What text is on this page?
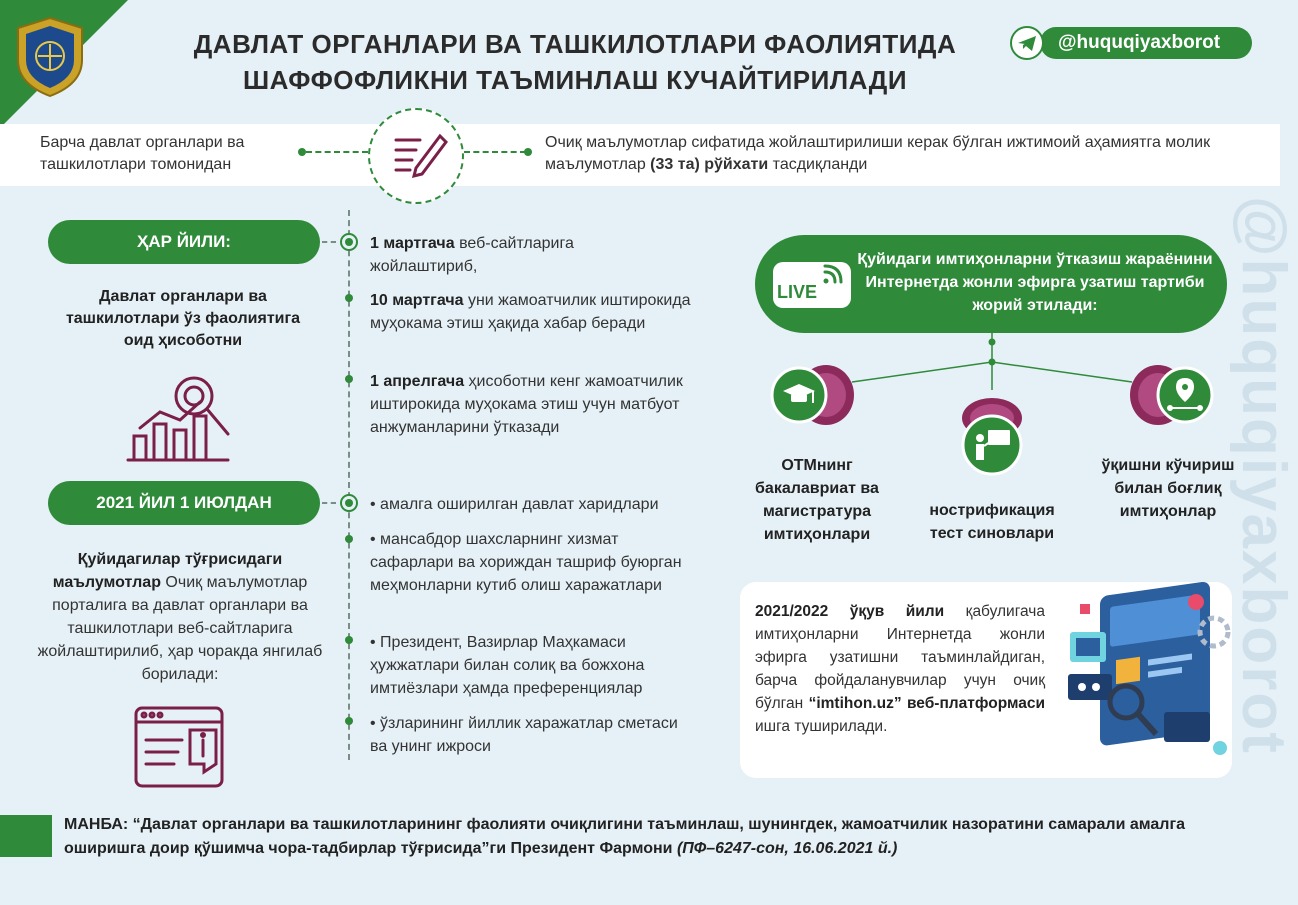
ДАВЛАТ ОРГАНЛАРИ ВА ТАШКИЛОТЛАРИ ФАОЛИЯТИДА
ШАФФОФЛИКНИ ТАЪМИНЛАШ КУЧАЙТИРИЛАДИ
@huquqiyaxborot
Барча давлат органлари ва ташкилотлари томонидан
Очиқ маълумотлар сифатида жойлаштирилиши керак бўлган ижтимоий аҳамиятга молик маълумотлар (33 та) рўйхати тасдиқланди
ҲАР ЙИЛИ:
Давлат органлари ва ташкилотлари ўз фаолиятига оид ҳисоботни
2021 ЙИЛ 1 ИЮЛДАН
Қуйидагилар тўғрисидаги маълумотлар Очиқ маълумотлар порталига ва давлат органлари ва ташкилотлари веб-сайтларига жойлаштирилиб, ҳар чоракда янгилаб борилади:
1 мартгача веб-сайтларига жойлаштириб,
10 мартгача уни жамоатчилик иштирокида муҳокама этиш ҳақида хабар беради
1 апрелгача ҳисоботни кенг жамоатчилик иштирокида муҳокама этиш учун матбуот анжуманларини ўтказади
• амалга оширилган давлат харидлари
• мансабдор шахсларнинг хизмат сафарлари ва хориждан ташриф буюрган меҳмонларни кутиб олиш харажатлари
• Президент, Вазирлар Маҳкамаси ҳужжатлари билан солиқ ва божхона имтиёзлари ҳамда преференциялар
• ўзларининг йиллик харажатлар сметаси ва унинг ижроси
LIVE
Қуйидаги имтиҳонларни ўтказиш жараёнини Интернетда жонли эфирга узатиш тартиби жорий этилади:
ОТМнинг бакалавриат ва магистратура имтиҳонлари
нострификация тест синовлари
ўқишни кўчириш билан боғлиқ имтиҳонлар
2021/2022 ўқув йили қабулигача имтиҳонларни Интернетда жонли эфирга узатишни таъминлайдиган, барча фойдаланувчилар учун очиқ бўлган “imtihon.uz” веб-платформаси ишга туширилади.
МАНБА: “Давлат органлари ва ташкилотларининг фаолияти очиқлигини таъминлаш, шунингдек, жамоатчилик назоратини самарали амалга оширишга доир қўшимча чора-тадбирлар тўғрисида”ги Президент Фармони (ПФ–6247-сон, 16.06.2021 й.)
@huquqiyaxborot
